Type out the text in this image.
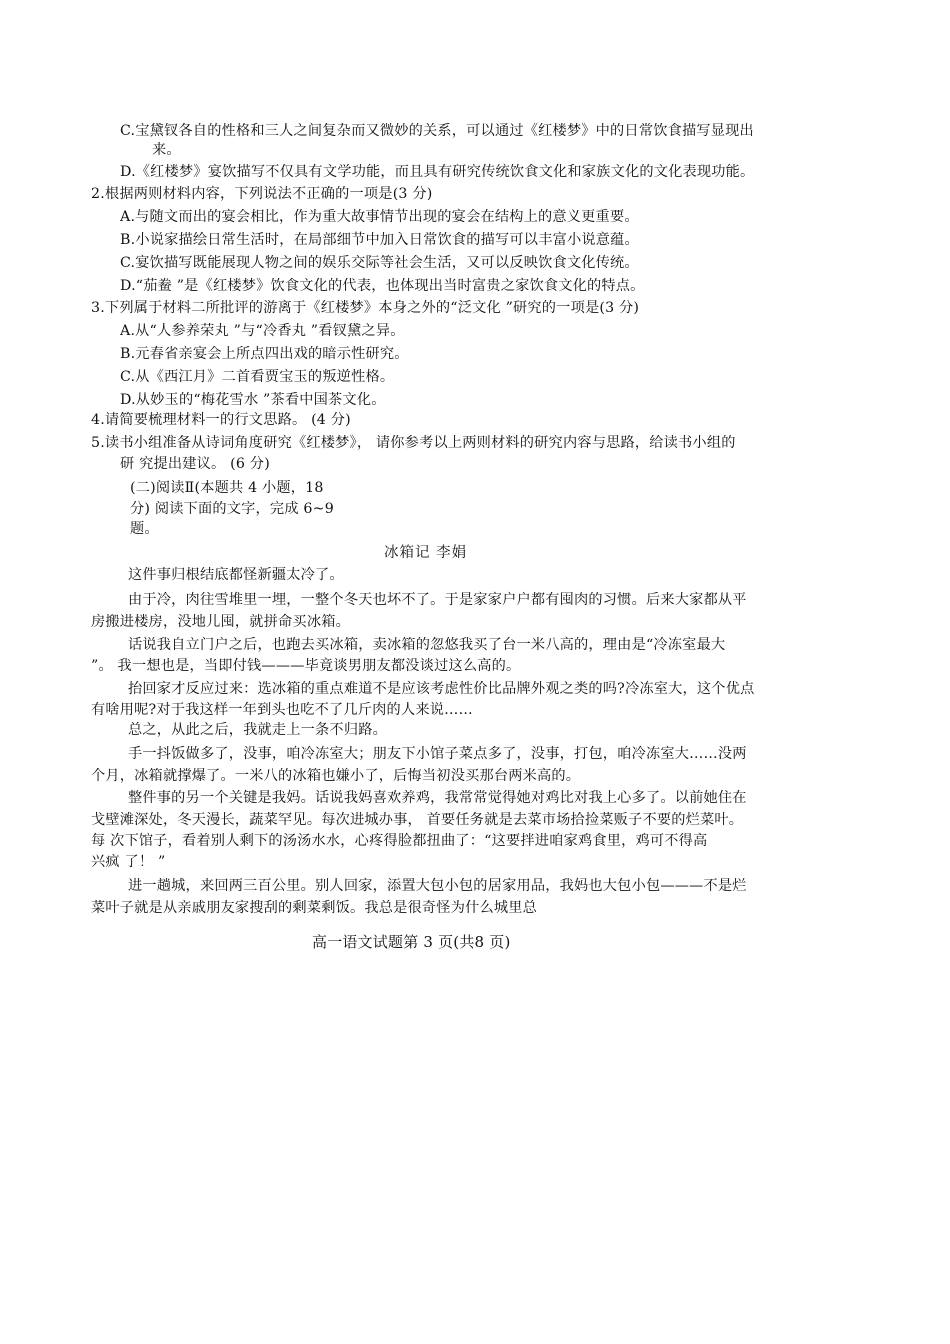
C.宝黛钗各自的性格和三人之间复杂而又微妙的关系，可以通过《红楼梦》中的日常饮食描写显现出
来。
D.《红楼梦》宴饮描写不仅具有文学功能，而且具有研究传统饮食文化和家族文化的文化表现功能。
2.根据两则材料内容，下列说法不正确的一项是(3 分)
A.与随文而出的宴会相比，作为重大故事情节出现的宴会在结构上的意义更重要。
B.小说家描绘日常生活时，在局部细节中加入日常饮食的描写可以丰富小说意蕴。
C.宴饮描写既能展现人物之间的娱乐交际等社会生活，又可以反映饮食文化传统。
D.“茄鲞 ”是《红楼梦》饮食文化的代表，也体现出当时富贵之家饮食文化的特点。
3.下列属于材料二所批评的游离于《红楼梦》本身之外的“泛文化 ”研究的一项是(3 分)
A.从“人参养荣丸 ”与“冷香丸 ”看钗黛之异。
B.元春省亲宴会上所点四出戏的暗示性研究。
C.从《西江月》二首看贾宝玉的叛逆性格。
D.从妙玉的“梅花雪水 ”茶看中国茶文化。
4.请简要梳理材料一的行文思路。 (4 分)
5.读书小组准备从诗词角度研究《红楼梦》， 请你参考以上两则材料的研究内容与思路，给读书小组的
研 究提出建议。 (6 分)
(二)阅读Ⅱ(本题共 4 小题，18
分) 阅读下面的文字，完成 6~9
题。
冰箱记 李娟
这件事归根结底都怪新疆太冷了。
由于冷，肉往雪堆里一埋，一整个冬天也坏不了。于是家家户户都有囤肉的习惯。后来大家都从平
房搬进楼房，没地儿囤，就拼命买冰箱。
话说我自立门户之后，也跑去买冰箱，卖冰箱的忽悠我买了台一米八高的，理由是“冷冻室最大
”。 我一想也是，当即付钱———毕竟谈男朋友都没谈过这么高的。
抬回家才反应过来：选冰箱的重点难道不是应该考虑性价比品牌外观之类的吗?冷冻室大，这个优点
有啥用呢?对于我这样一年到头也吃不了几斤肉的人来说……
总之，从此之后，我就走上一条不归路。
手一抖饭做多了，没事，咱冷冻室大；朋友下小馆子菜点多了，没事，打包，咱冷冻室大……没两
个月，冰箱就撑爆了。一米八的冰箱也嫌小了，后悔当初没买那台两米高的。
整件事的另一个关键是我妈。话说我妈喜欢养鸡，我常常觉得她对鸡比对我上心多了。以前她住在
戈壁滩深处，冬天漫长，蔬菜罕见。每次进城办事， 首要任务就是去菜市场拾捡菜贩子不要的烂菜叶。
每 次下馆子，看着别人剩下的汤汤水水，心疼得脸都扭曲了：“这要拌进咱家鸡食里，鸡可不得高
兴疯 了！ ”
进一趟城，来回两三百公里。别人回家，添置大包小包的居家用品，我妈也大包小包———不是烂
菜叶子就是从亲戚朋友家搜刮的剩菜剩饭。我总是很奇怪为什么城里总
高一语文试题第 3 页(共8 页)
